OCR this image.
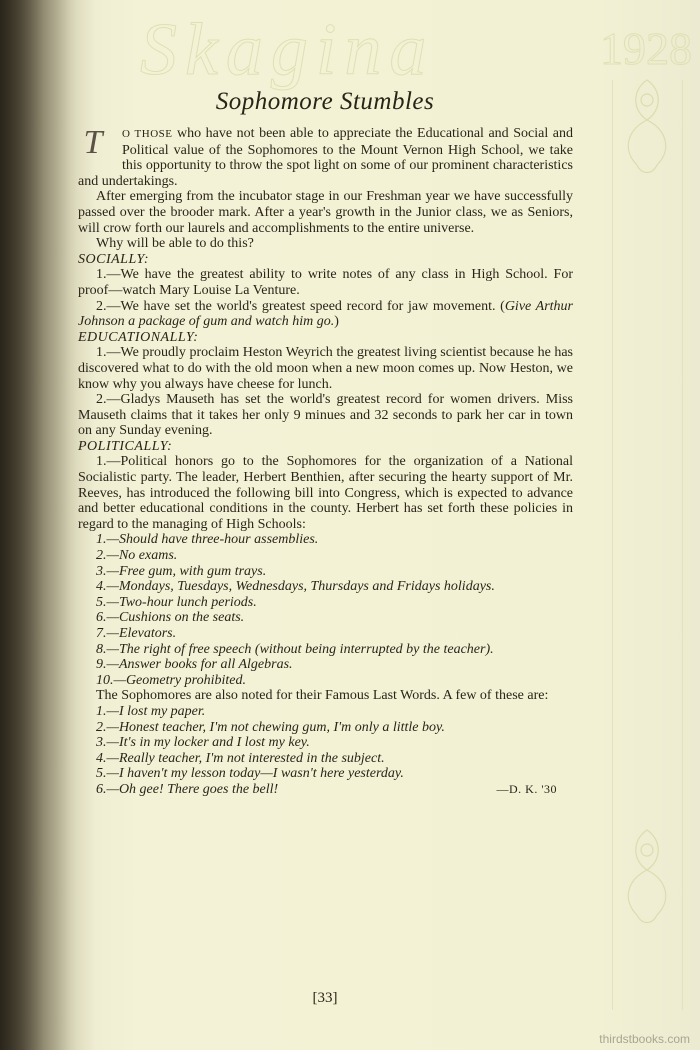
Skagina	1928
Sophomore Stumbles

T	O THOSE who have not been able to appreciate the Educational and Social and Political value of the Sophomores to the Mount Vernon High School, we take this opportunity to throw the spot light on some of our prominent characteristics and undertakings.

After emerging from the incubator stage in our Freshman year we have successfully passed over the brooder mark. After a year's growth in the Junior class, we as Seniors, will crow forth our laurels and accomplishments to the entire universe.

Why will be able to do this?

SOCIALLY:

1.—We have the greatest ability to write notes of any class in High School. For proof—watch Mary Louise La Venture.

2.—We have set the world's greatest speed record for jaw movement. (Give Arthur Johnson a package of gum and watch him go.)

EDUCATIONALLY:

1.—We proudly proclaim Heston Weyrich the greatest living scientist because he has discovered what to do with the old moon when a new moon comes up. Now Heston, we know why you always have cheese for lunch.

2.—Gladys Mauseth has set the world's greatest record for women drivers. Miss Mauseth claims that it takes her only 9 minues and 32 seconds to park her car in town on any Sunday evening.

POLITICALLY:

1.—Political honors go to the Sophomores for the organization of a National Socialistic party. The leader, Herbert Benthien, after securing the hearty support of Mr. Reeves, has introduced the following bill into Congress, which is expected to advance and better educational conditions in the county. Herbert has set forth these policies in regard to the managing of High Schools:

1.—Should have three-hour assemblies.

2.—No exams.

3.—Free gum, with gum trays.

4.—Mondays, Tuesdays, Wednesdays, Thursdays and Fridays holidays.

5.—Two-hour lunch periods.

6.—Cushions on the seats.

7.—Elevators.

8.—The right of free speech (without being interrupted by the teacher).

9.—Answer books for all Algebras.

10.—Geometry prohibited.

The Sophomores are also noted for their Famous Last Words. A few of these are:

1.—I lost my paper.

2.—Honest teacher, I'm not chewing gum, I'm only a little boy.

3.—It's in my locker and I lost my key.

4.—Really teacher, I'm not interested in the subject.

5.—I haven't my lesson today—I wasn't here yesterday.

6.—Oh gee! There goes the bell!	—D. K. '30

[33]
thirdstbooks.com
